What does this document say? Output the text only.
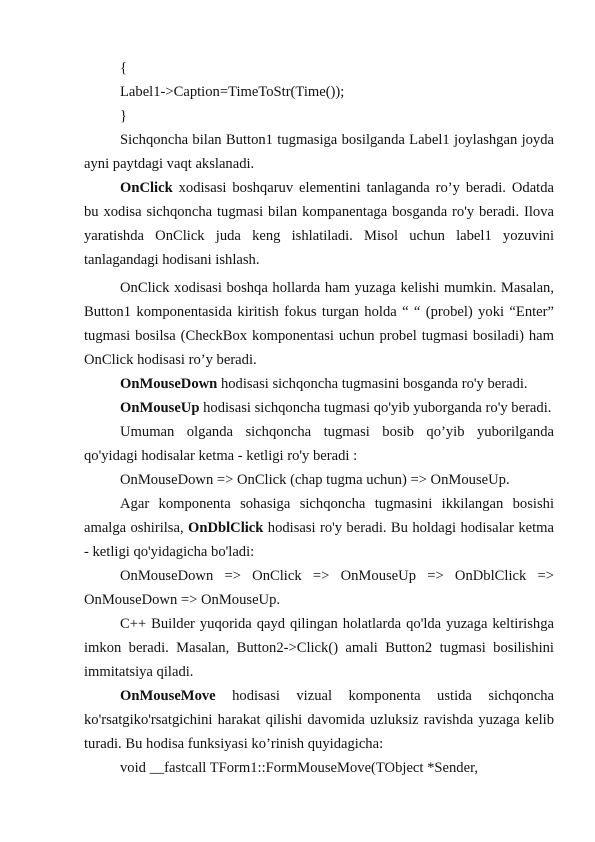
{
Label1->Caption=TimeToStr(Time());
}

Sichqoncha bilan Button1 tugmasiga bosilganda Label1 joylashgan joyda ayni paytdagi vaqt akslanadi.

OnClick xodisasi boshqaruv elementini tanlaganda ro’y beradi. Odatda bu xodisa sichqoncha tugmasi bilan kompanentaga bosganda ro'y beradi. Ilova yaratishda OnClick juda keng ishlatiladi. Misol uchun label1 yozuvini tanlagandagi hodisani ishlash.

OnClick xodisasi boshqa hollarda ham yuzaga kelishi mumkin. Masalan, Button1 komponentasida kiritish fokus turgan holda “ “ (probel) yoki “Enter” tugmasi bosilsa (CheckBox komponentasi uchun probel tugmasi bosiladi) ham OnClick hodisasi ro’y beradi.

OnMouseDown hodisasi sichqoncha tugmasini bosganda ro'y beradi.

OnMouseUp hodisasi sichqoncha tugmasi qo'yib yuborganda ro'y beradi.

Umuman olganda sichqoncha tugmasi bosib qo’yib yuborilganda qo'yidagi hodisalar ketma - ketligi ro'y beradi :

OnMouseDown => OnClick (chap tugma uchun) => OnMouseUp.

Agar komponenta sohasiga sichqoncha tugmasini ikkilangan bosishi amalga oshirilsa, OnDblClick hodisasi ro'y beradi. Bu holdagi hodisalar ketma - ketligi qo'yidagicha bo'ladi:

OnMouseDown => OnClick => OnMouseUp => OnDblClick => OnMouseDown => OnMouseUp.

C++ Builder yuqorida qayd qilingan holatlarda qo'lda yuzaga keltirishga imkon beradi. Masalan, Button2->Click() amali Button2 tugmasi bosilishini immitatsiya qiladi.

OnMouseMove hodisasi vizual komponenta ustida sichqoncha ko'rsatgiko'rsatgichini harakat qilishi davomida uzluksiz ravishda yuzaga kelib turadi. Bu hodisa funksiyasi ko’rinish quyidagicha:

void __fastcall TForm1::FormMouseMove(TObject *Sender,
